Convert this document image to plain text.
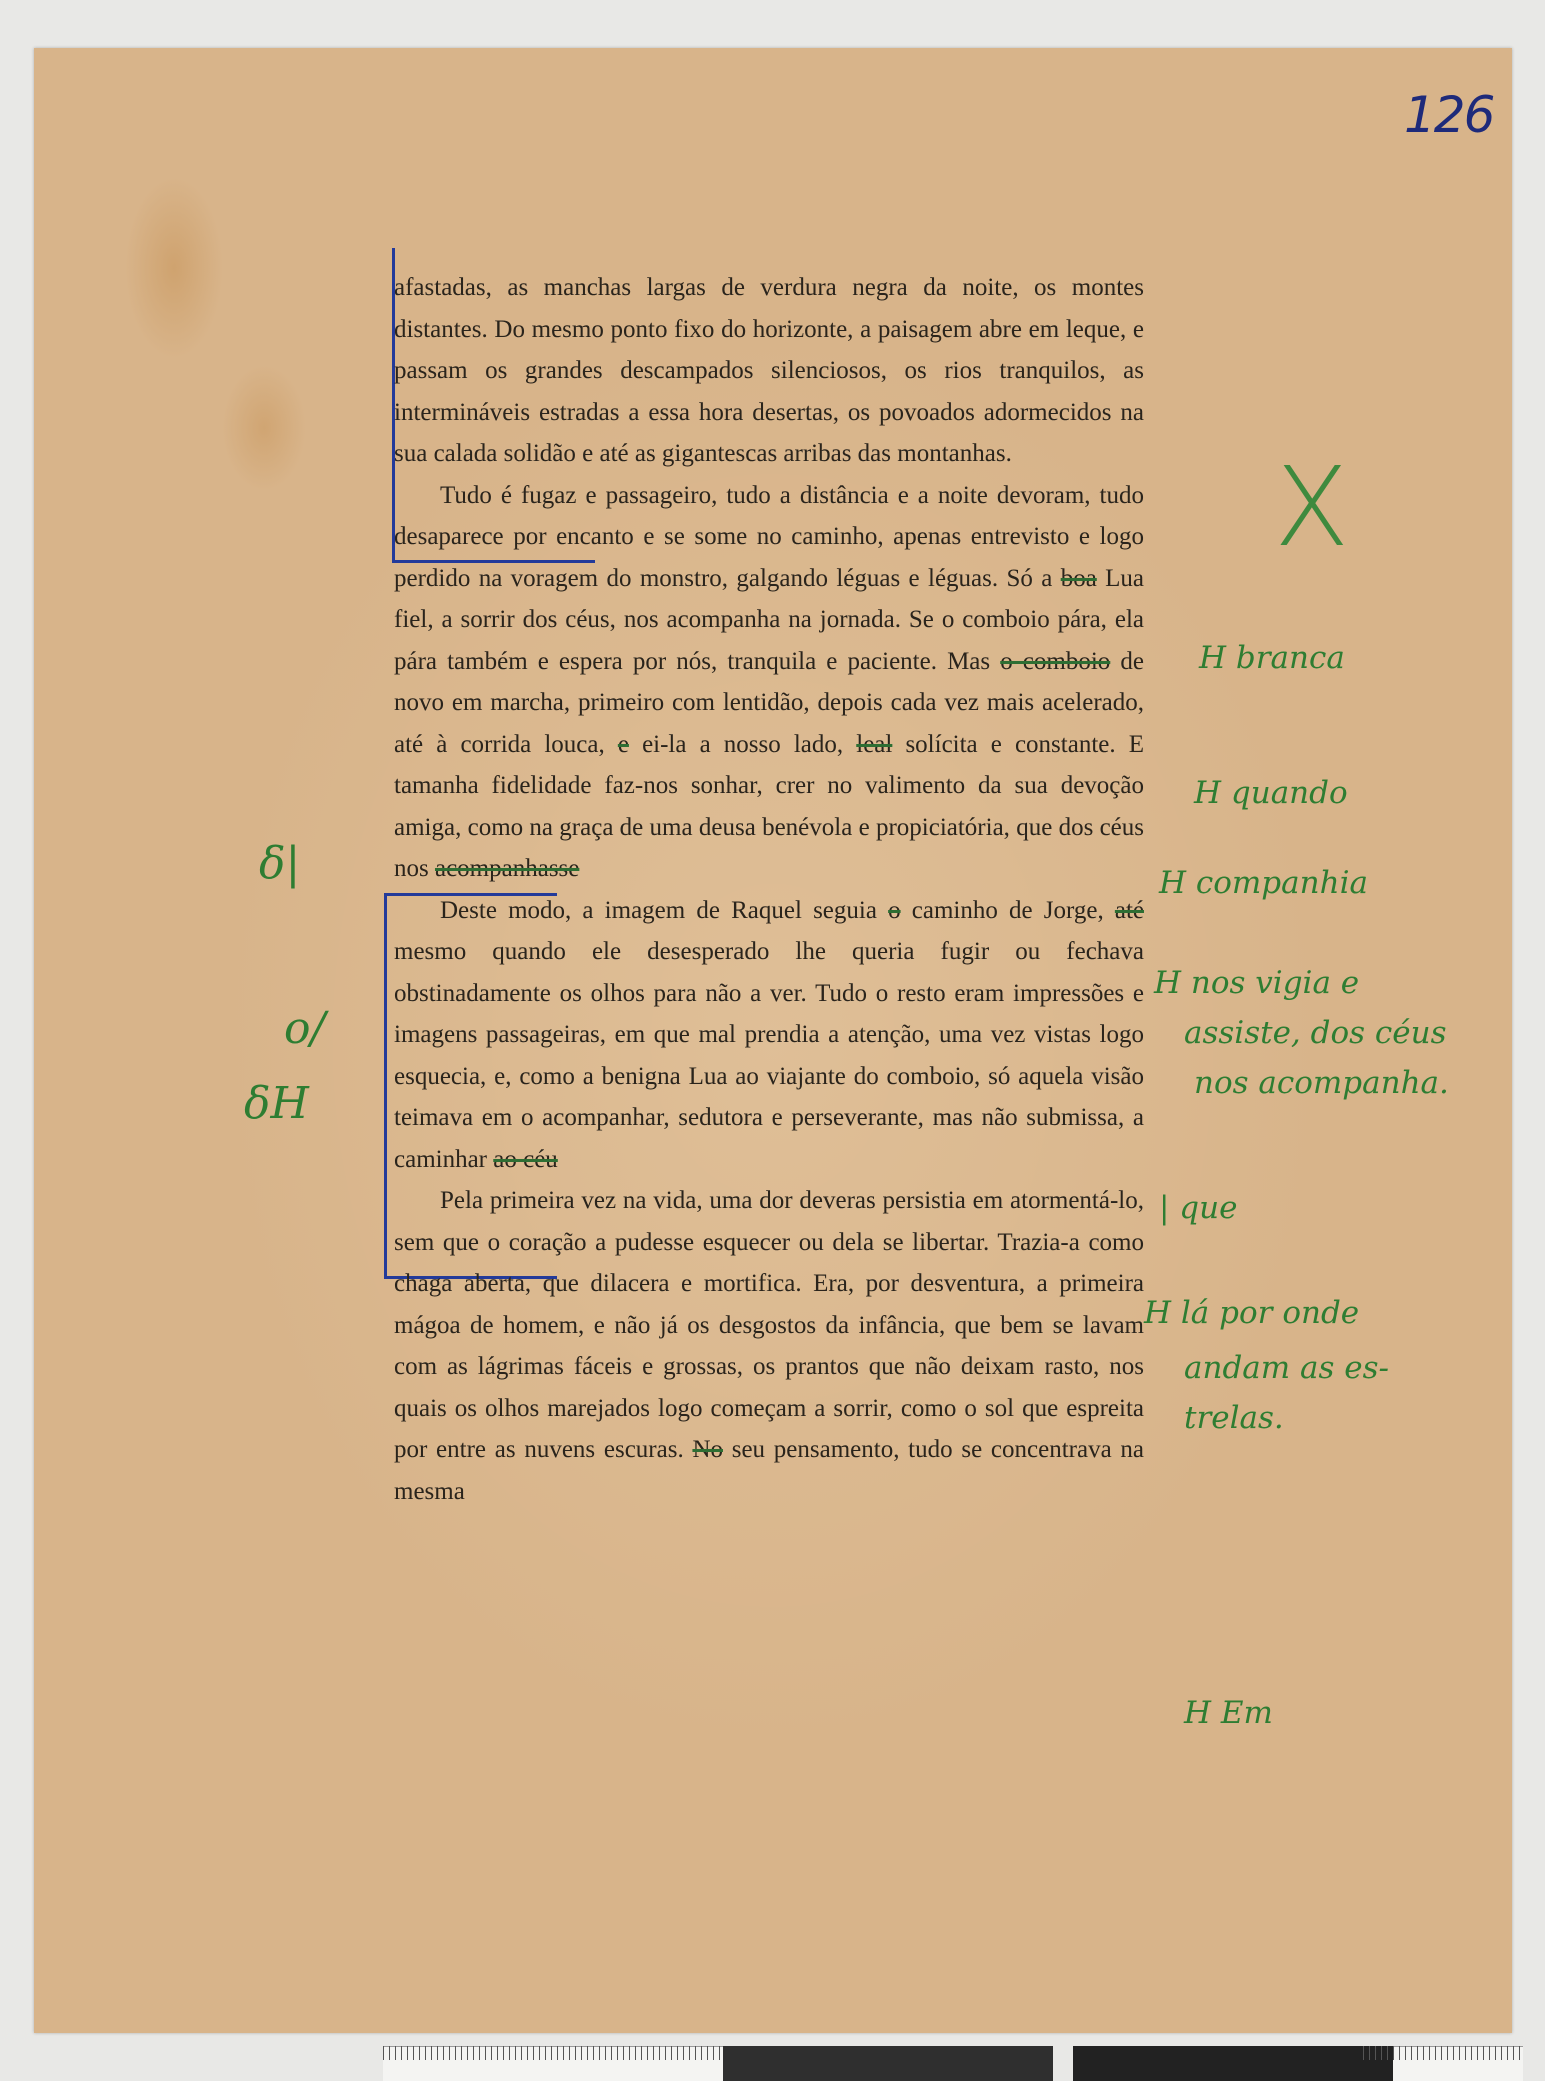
126

afastadas, as manchas largas de verdura negra da noite, os montes distantes. Do mesmo ponto fixo do horizonte, a paisagem abre em leque, e passam os grandes descampados silenciosos, os rios tranquilos, as intermináveis estradas a essa hora desertas, os povoados adormecidos na sua calada solidão e até as gigantescas arribas das montanhas.

Tudo é fugaz e passageiro, tudo a distância e a noite devoram, tudo desaparece por encanto e se some no caminho, apenas entrevisto e logo perdido na voragem do monstro, galgando léguas e léguas. Só a boa Lua fiel, a sorrir dos céus, nos acompanha na jornada. Se o comboio pára, ela pára também e espera por nós, tranquila e paciente. Mas o comboio de novo em marcha, primeiro com lentidão, depois cada vez mais acelerado, até à corrida louca, e ei-la a nosso lado, leal solícita e constante. E tamanha fidelidade faz-nos sonhar, crer no valimento da sua devoção amiga, como na graça de uma deusa benévola e propiciatória, que dos céus nos acompanhasse

Deste modo, a imagem de Raquel seguia o caminho de Jorge, até mesmo quando ele desesperado lhe queria fugir ou fechava obstinadamente os olhos para não a ver. Tudo o resto eram impressões e imagens passageiras, em que mal prendia a atenção, uma vez vistas logo esquecia, e, como a benigna Lua ao viajante do comboio, só aquela visão teimava em o acompanhar, sedutora e perseverante, mas não submissa, a caminhar ao céu

Pela primeira vez na vida, uma dor deveras persistia em atormentá-lo, sem que o coração a pudesse esquecer ou dela se libertar. Trazia-a como chaga aberta, que dilacera e mortifica. Era, por desventura, a primeira mágoa de homem, e não já os desgostos da infância, que bem se lavam com as lágrimas fáceis e grossas, os prantos que não deixam rasto, nos quais os olhos marejados logo começam a sorrir, como o sol que espreita por entre as nuvens escuras. No seu pensamento, tudo se concentrava na mesma

X
H branca
H quando
H companhia
H nos vigia e
assiste, dos céus
nos acompanha.
| que
H lá por onde
andam as es-
trelas.
H Em
δ|
o/
δH
